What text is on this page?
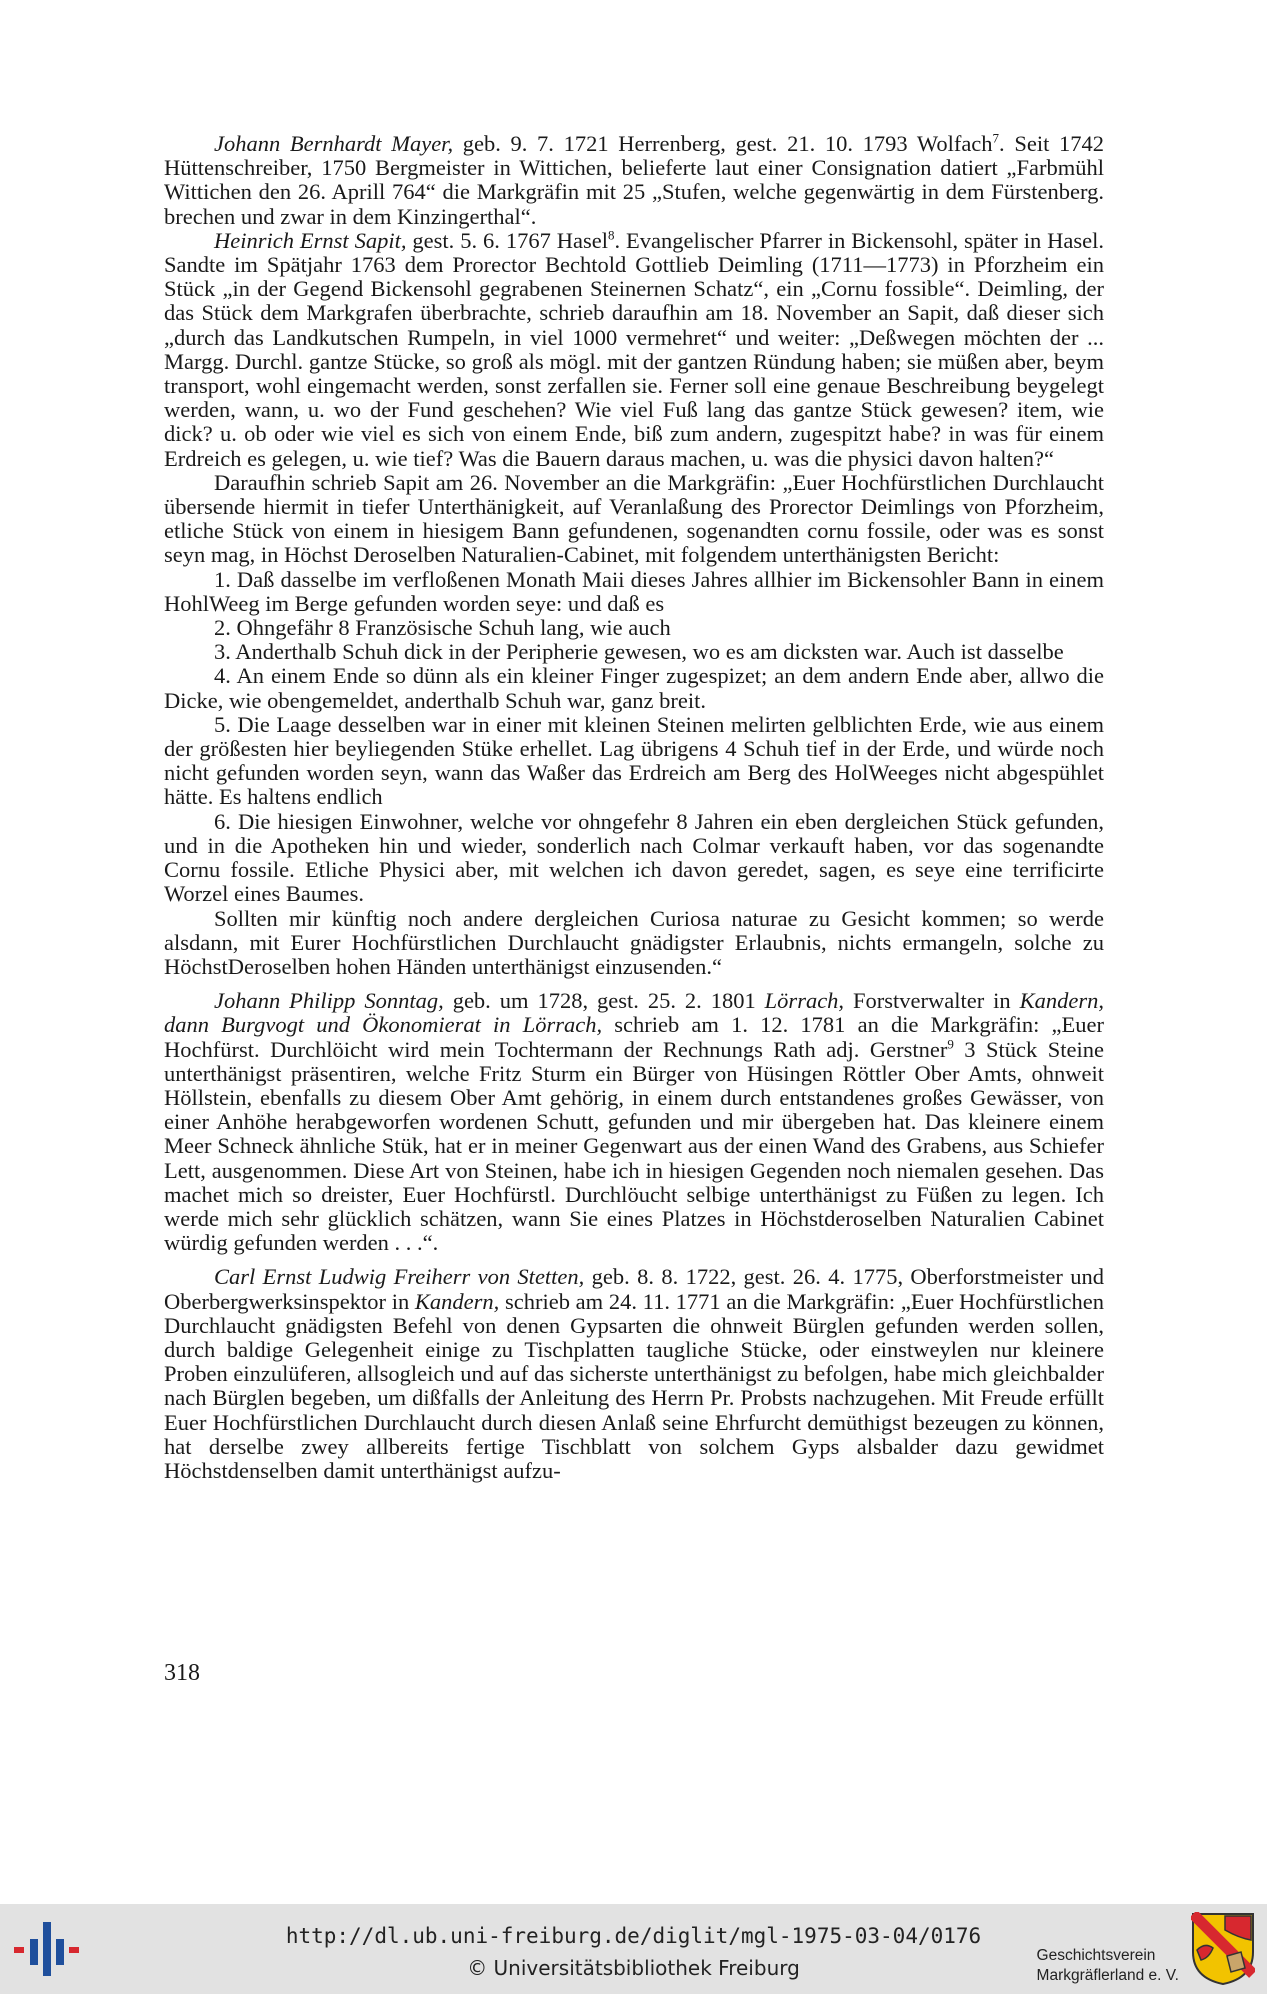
Johann Bernhardt Mayer, geb. 9. 7. 1721 Herrenberg, gest. 21. 10. 1793 Wolfach$^7$. Seit 1742 Hüttenschreiber, 1750 Bergmeister in Wittichen, belieferte laut einer Consignation datiert „Farbmühl Wittichen den 26. Aprill 764“ die Markgräfin mit 25 „Stufen, welche gegenwärtig in dem Fürstenberg. brechen und zwar in dem Kinzingerthal“.

Heinrich Ernst Sapit, gest. 5. 6. 1767 Hasel$^8$. Evangelischer Pfarrer in Bickensohl, später in Hasel. Sandte im Spätjahr 1763 dem Prorector Bechtold Gottlieb Deimling (1711—1773) in Pforzheim ein Stück „in der Gegend Bickensohl gegrabenen Steinernen Schatz“, ein „Cornu fossible“. Deimling, der das Stück dem Markgrafen überbrachte, schrieb daraufhin am 18. November an Sapit, daß dieser sich „durch das Landkutschen Rumpeln, in viel 1000 vermehret“ und weiter: „Deßwegen möchten der ... Margg. Durchl. gantze Stücke, so groß als mögl. mit der gantzen Ründung haben; sie müßen aber, beym transport, wohl eingemacht werden, sonst zerfallen sie. Ferner soll eine genaue Beschreibung beygelegt werden, wann, u. wo der Fund geschehen? Wie viel Fuß lang das gantze Stück gewesen? item, wie dick? u. ob oder wie viel es sich von einem Ende, biß zum andern, zugespitzt habe? in was für einem Erdreich es gelegen, u. wie tief? Was die Bauern daraus machen, u. was die physici davon halten?“

Daraufhin schrieb Sapit am 26. November an die Markgräfin: „Euer Hochfürstlichen Durchlaucht übersende hiermit in tiefer Unterthänigkeit, auf Veranlaßung des Prorector Deimlings von Pforzheim, etliche Stück von einem in hiesigem Bann gefundenen, sogenandten cornu fossile, oder was es sonst seyn mag, in Höchst Deroselben Naturalien-Cabinet, mit folgendem unterthänigsten Bericht:

1. Daß dasselbe im verfloßenen Monath Maii dieses Jahres allhier im Bickensohler Bann in einem HohlWeeg im Berge gefunden worden seye: und daß es

2. Ohngefähr 8 Französische Schuh lang, wie auch

3. Anderthalb Schuh dick in der Peripherie gewesen, wo es am dicksten war. Auch ist dasselbe

4. An einem Ende so dünn als ein kleiner Finger zugespizet; an dem andern Ende aber, allwo die Dicke, wie obengemeldet, anderthalb Schuh war, ganz breit.

5. Die Laage desselben war in einer mit kleinen Steinen melirten gelblichten Erde, wie aus einem der größesten hier beyliegenden Stüke erhellet. Lag übrigens 4 Schuh tief in der Erde, und würde noch nicht gefunden worden seyn, wann das Waßer das Erdreich am Berg des HolWeeges nicht abgespühlet hätte. Es haltens endlich

6. Die hiesigen Einwohner, welche vor ohngefehr 8 Jahren ein eben dergleichen Stück gefunden, und in die Apotheken hin und wieder, sonderlich nach Colmar verkauft haben, vor das sogenandte Cornu fossile. Etliche Physici aber, mit welchen ich davon geredet, sagen, es seye eine terrificirte Worzel eines Baumes.

Sollten mir künftig noch andere dergleichen Curiosa naturae zu Gesicht kommen; so werde alsdann, mit Eurer Hochfürstlichen Durchlaucht gnädigster Erlaubnis, nichts ermangeln, solche zu HöchstDeroselben hohen Händen unterthänigst einzusenden.“

Johann Philipp Sonntag, geb. um 1728, gest. 25. 2. 1801 Lörrach, Forstverwalter in Kandern, dann Burgvogt und Ökonomierat in Lörrach, schrieb am 1. 12. 1781 an die Markgräfin: „Euer Hochfürst. Durchlöicht wird mein Tochtermann der Rechnungs Rath adj. Gerstner$^9$ 3 Stück Steine unterthänigst präsentiren, welche Fritz Sturm ein Bürger von Hüsingen Röttler Ober Amts, ohnweit Höllstein, ebenfalls zu diesem Ober Amt gehörig, in einem durch entstandenes großes Gewässer, von einer Anhöhe herabgeworfen wordenen Schutt, gefunden und mir übergeben hat. Das kleinere einem Meer Schneck ähnliche Stük, hat er in meiner Gegenwart aus der einen Wand des Grabens, aus Schiefer Lett, ausgenommen. Diese Art von Steinen, habe ich in hiesigen Gegenden noch niemalen gesehen. Das machet mich so dreister, Euer Hochfürstl. Durchlöucht selbige unterthänigst zu Füßen zu legen. Ich werde mich sehr glücklich schätzen, wann Sie eines Platzes in Höchstderoselben Naturalien Cabinet würdig gefunden werden . . .“.

Carl Ernst Ludwig Freiherr von Stetten, geb. 8. 8. 1722, gest. 26. 4. 1775, Oberforstmeister und Oberbergwerksinspektor in Kandern, schrieb am 24. 11. 1771 an die Markgräfin: „Euer Hochfürstlichen Durchlaucht gnädigsten Befehl von denen Gypsarten die ohnweit Bürglen gefunden werden sollen, durch baldige Gelegenheit einige zu Tischplatten taugliche Stücke, oder einstweylen nur kleinere Proben einzulüferen, allsogleich und auf das sicherste unterthänigst zu befolgen, habe mich gleichbalder nach Bürglen begeben, um dißfalls der Anleitung des Herrn Pr. Probsts nachzugehen. Mit Freude erfüllt Euer Hochfürstlichen Durchlaucht durch diesen Anlaß seine Ehrfurcht demüthigst bezeugen zu können, hat derselbe zwey allbereits fertige Tischblatt von solchem Gyps alsbalder dazu gewidmet Höchstdenselben damit unterthänigst aufzu-

318
http://dl.ub.uni-freiburg.de/diglit/mgl-1975-03-04/0176
© Universitätsbibliothek Freiburg
Geschichtsverein
Markgräflerland e. V.
